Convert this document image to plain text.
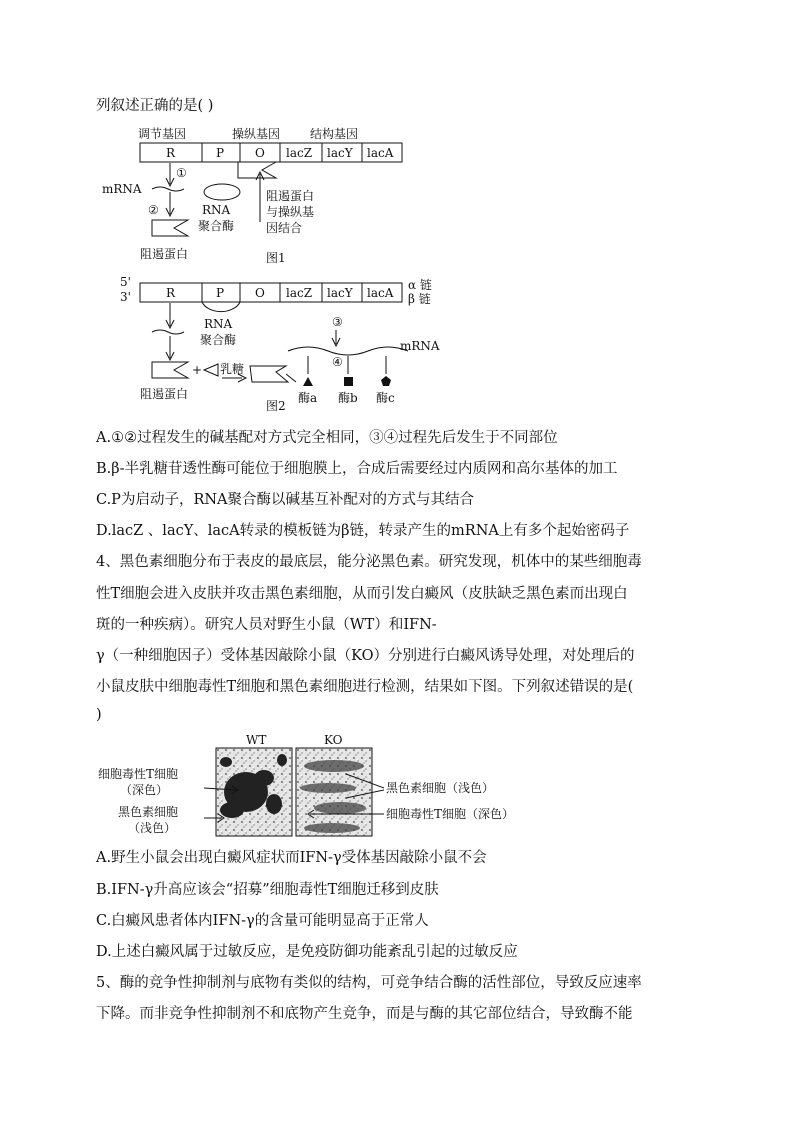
列叙述正确的是( )
调节基因	操纵基因 结构基因
R	P	O lacZ lacY lacA
阻遏蛋白
与操纵基
因结合
①
mRNA
②	RNA
聚合酶
阻遏蛋白	图1
5'
3'	R	P	O lacZ lacY lacA
α 链
β 链
RNA
聚合酶
③
mRNA
④
酶a 酶b 酶c
+ 乳糖
阻遏蛋白
图2
A.①②过程发生的碱基配对方式完全相同，③④过程先后发生于不同部位
B.β-半乳糖苷透性酶可能位于细胞膜上，合成后需要经过内质网和高尔基体的加工
C.P为启动子，RNA聚合酶以碱基互补配对的方式与其结合
D.lacZ 、lacY、lacA转录的模板链为β链，转录产生的mRNA上有多个起始密码子
4、黑色素细胞分布于表皮的最底层，能分泌黑色素。研究发现，机体中的某些细胞毒
性T细胞会进入皮肤并攻击黑色素细胞，从而引发白癜风（皮肤缺乏黑色素而出现白
斑的一种疾病）。研究人员对野生小鼠（WT）和IFN-
γ（一种细胞因子）受体基因敲除小鼠（KO）分别进行白癜风诱导处理，对处理后的
小鼠皮肤中细胞毒性T细胞和黑色素细胞进行检测，结果如下图。下列叙述错误的是(
)
WT	KO
细胞毒性T细胞
（深色）
黑色素细胞
（浅色）
黑色素细胞（浅色）
细胞毒性T细胞（深色）
A.野生小鼠会出现白癜风症状而IFN-γ受体基因敲除小鼠不会
B.IFN-γ升高应该会“招募”细胞毒性T细胞迁移到皮肤
C.白癜风患者体内IFN-γ的含量可能明显高于正常人
D.上述白癜风属于过敏反应，是免疫防御功能紊乱引起的过敏反应
5、酶的竞争性抑制剂与底物有类似的结构，可竞争结合酶的活性部位，导致反应速率
下降。而非竞争性抑制剂不和底物产生竞争，而是与酶的其它部位结合，导致酶不能
